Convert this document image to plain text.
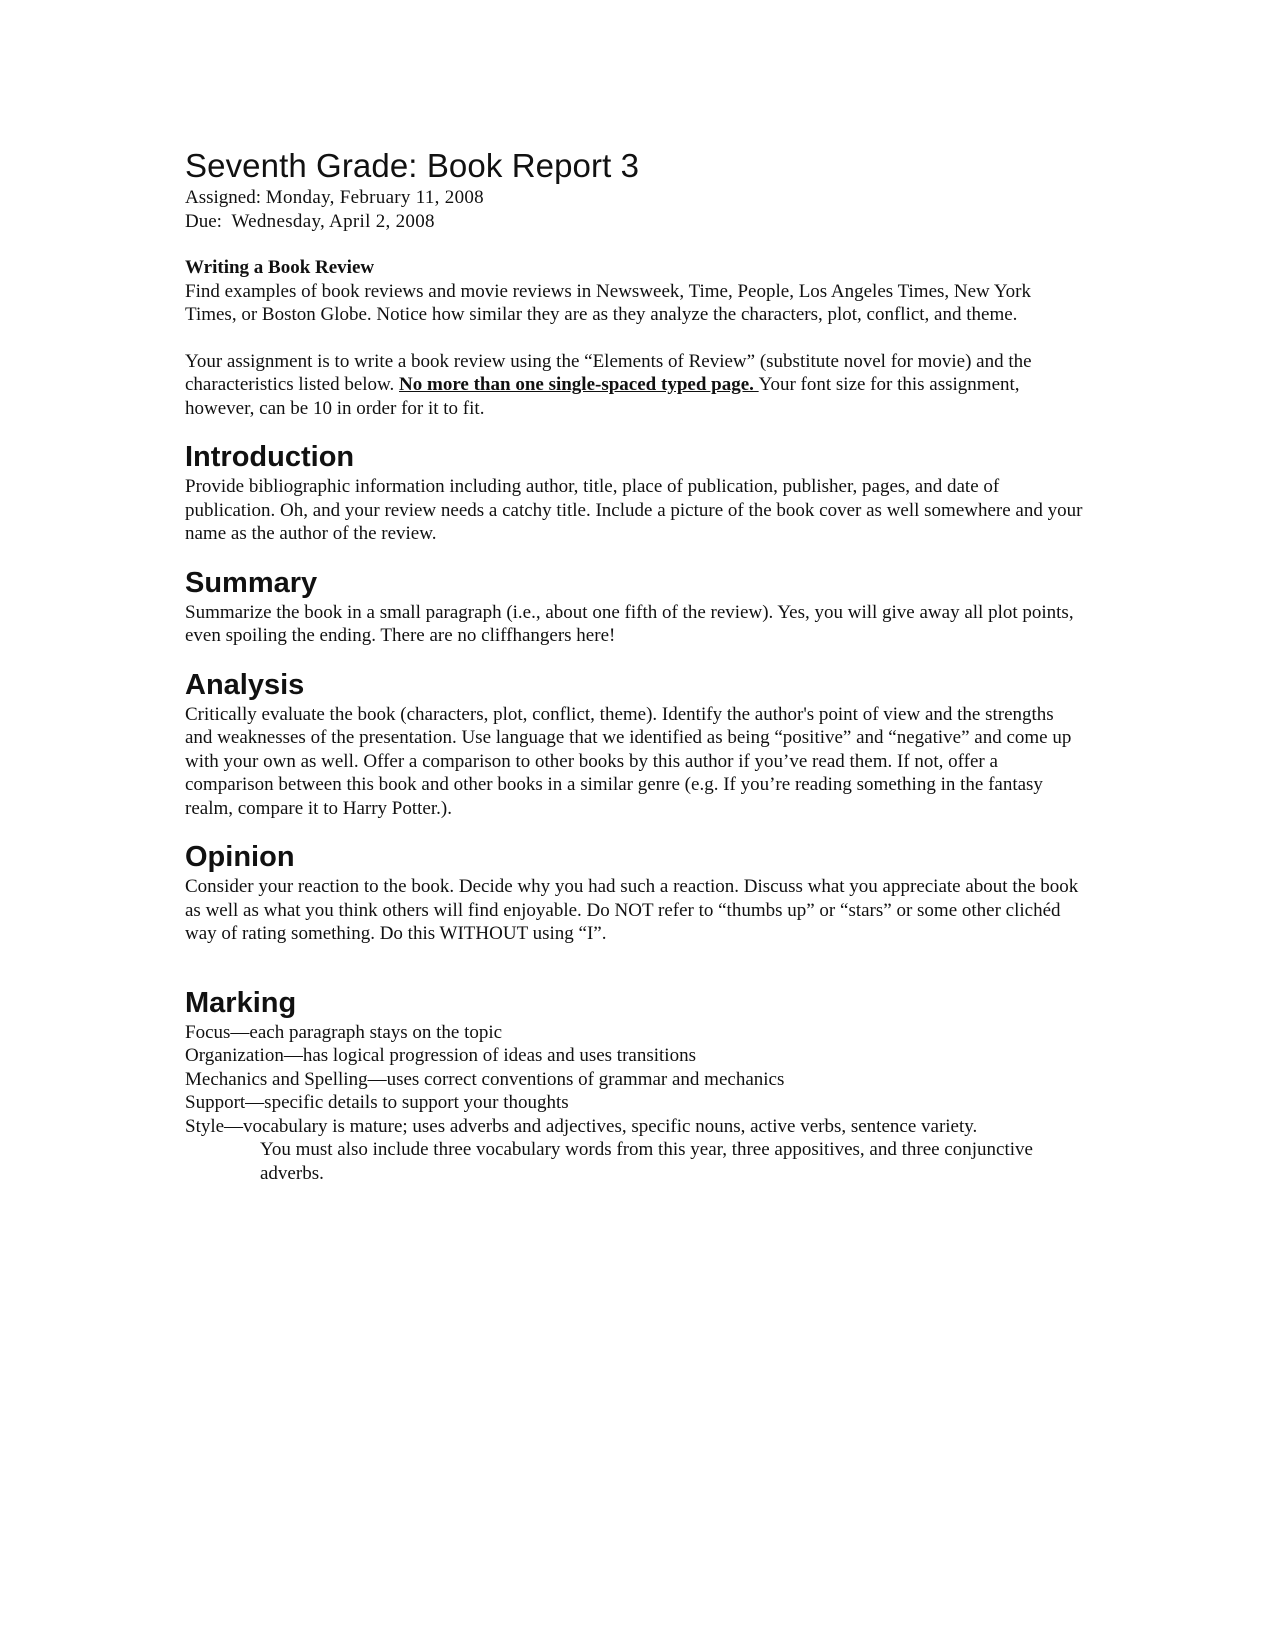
Seventh Grade: Book Report 3
Assigned: Monday, February 11, 2008
Due: Wednesday, April 2, 2008
Writing a Book Review

Find examples of book reviews and movie reviews in Newsweek, Time, People, Los Angeles Times, New York Times, or Boston Globe. Notice how similar they are as they analyze the characters, plot, conflict, and theme.

Your assignment is to write a book review using the “Elements of Review” (substitute novel for movie) and the characteristics listed below. No more than one single-spaced typed page. Your font size for this assignment, however, can be 10 in order for it to fit.

Introduction

Provide bibliographic information including author, title, place of publication, publisher, pages, and date of publication. Oh, and your review needs a catchy title. Include a picture of the book cover as well somewhere and your name as the author of the review.

Summary

Summarize the book in a small paragraph (i.e., about one fifth of the review). Yes, you will give away all plot points, even spoiling the ending. There are no cliffhangers here!

Analysis

Critically evaluate the book (characters, plot, conflict, theme). Identify the author's point of view and the strengths and weaknesses of the presentation. Use language that we identified as being “positive” and “negative” and come up with your own as well. Offer a comparison to other books by this author if you’ve read them. If not, offer a comparison between this book and other books in a similar genre (e.g. If you’re reading something in the fantasy realm, compare it to Harry Potter.).

Opinion

Consider your reaction to the book. Decide why you had such a reaction. Discuss what you appreciate about the book as well as what you think others will find enjoyable. Do NOT refer to “thumbs up” or “stars” or some other clichéd way of rating something. Do this WITHOUT using “I”.

Marking
Focus—each paragraph stays on the topic
Organization—has logical progression of ideas and uses transitions
Mechanics and Spelling—uses correct conventions of grammar and mechanics
Support—specific details to support your thoughts
Style—vocabulary is mature; uses adverbs and adjectives, specific nouns, active verbs, sentence variety.
You must also include three vocabulary words from this year, three appositives, and three conjunctive adverbs.
